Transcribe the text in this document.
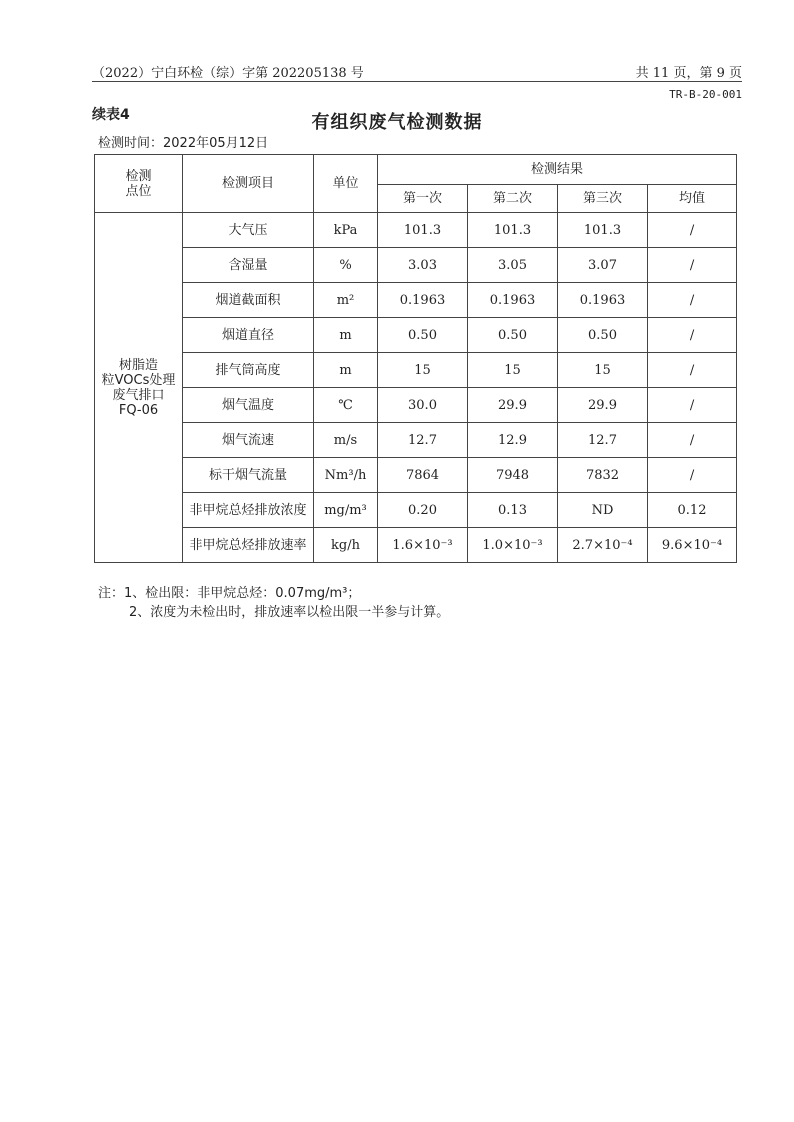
（2022）宁白环检（综）字第 202205138 号	共 11 页，第 9 页
TR-B-20-001
续表4	有组织废气检测数据
检测时间：2022年05月12日
检测
点位	检测项目	单位	检测结果			
			第一次	第二次	第三次	均值
树脂造
粒VOCs处理
废气排口
FQ-06	大气压	kPa	101.3	101.3	101.3	/
	含湿量	%	3.03	3.05	3.07	/
	烟道截面积	m²	0.1963	0.1963	0.1963	/
	烟道直径	m	0.50	0.50	0.50	/
	排气筒高度	m	15	15	15	/
	烟气温度	℃	30.0	29.9	29.9	/
	烟气流速	m/s	12.7	12.9	12.7	/
	标干烟气流量	Nm³/h	7864	7948	7832	/
	非甲烷总烃排放浓度	mg/m³	0.20	0.13	ND	0.12
	非甲烷总烃排放速率	kg/h	1.6×10⁻³	1.0×10⁻³	2.7×10⁻⁴	9.6×10⁻⁴
注：1、检出限：非甲烷总烃：0.07mg/m³；
2、浓度为未检出时，排放速率以检出限一半参与计算。
